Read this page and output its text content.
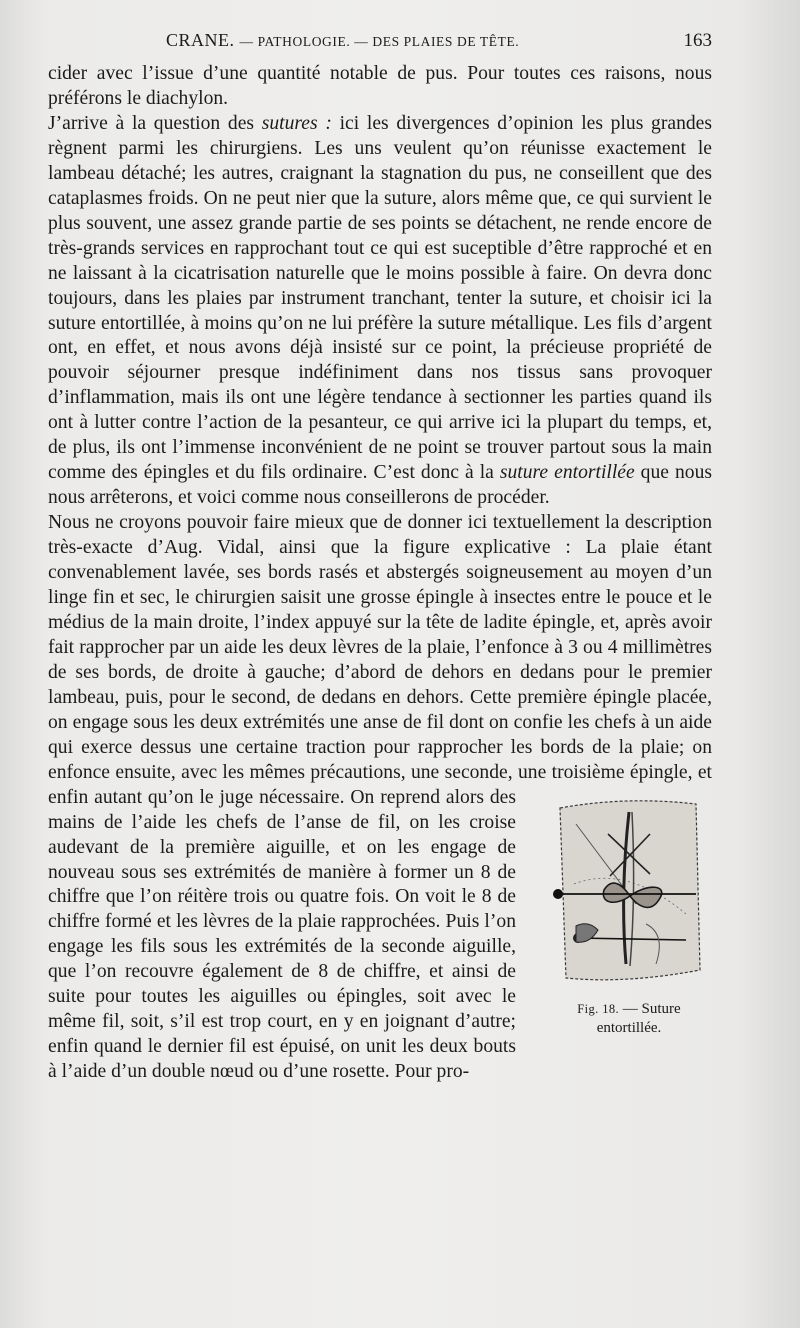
CRANE. — PATHOLOGIE. — DES PLAIES DE TÊTE.	163

cider avec l’issue d’une quantité notable de pus. Pour toutes ces raisons, nous préférons le diachylon.

J’arrive à la question des sutures : ici les divergences d’opinion les plus grandes règnent parmi les chirurgiens. Les uns veulent qu’on réunisse exactement le lambeau détaché; les autres, craignant la stagnation du pus, ne conseillent que des cataplasmes froids. On ne peut nier que la suture, alors même que, ce qui survient le plus souvent, une assez grande partie de ses points se détachent, ne rende encore de très-grands services en rapprochant tout ce qui est suceptible d’être rapproché et en ne laissant à la cicatrisation naturelle que le moins possible à faire. On devra donc toujours, dans les plaies par instrument tranchant, tenter la suture, et choisir ici la suture entortillée, à moins qu’on ne lui préfère la suture métallique. Les fils d’argent ont, en effet, et nous avons déjà insisté sur ce point, la précieuse propriété de pouvoir séjourner presque indéfiniment dans nos tissus sans provoquer d’inflammation, mais ils ont une légère tendance à sectionner les parties quand ils ont à lutter contre l’action de la pesanteur, ce qui arrive ici la plupart du temps, et, de plus, ils ont l’immense inconvénient de ne point se trouver partout sous la main comme des épingles et du fils ordinaire. C’est donc à la suture entortillée que nous nous arrêterons, et voici comme nous conseillerons de procéder.

Nous ne croyons pouvoir faire mieux que de donner ici textuellement la description très-exacte d’Aug. Vidal, ainsi que la figure explicative : La plaie étant convenablement lavée, ses bords rasés et abstergés soigneusement au moyen d’un linge fin et sec, le chirurgien saisit une grosse épingle à insectes entre le pouce et le médius de la main droite, l’index appuyé sur la tête de ladite épingle, et, après avoir fait rapprocher par un aide les deux lèvres de la plaie, l’enfonce à 3 ou 4 millimètres de ses bords, de droite à gauche; d’abord de dehors en dedans pour le premier lambeau, puis, pour le second, de dedans en dehors. Cette première épingle placée, on engage sous les deux extrémités une anse de fil dont on confie les chefs à un aide qui exerce dessus une certaine traction pour rapprocher les bords de la plaie; on enfonce ensuite, avec les mêmes précautions, une seconde, une troisième épingle, et enfin autant qu’on le juge nécessaire.
Fig. 18. — Suture entortillée.
On reprend alors des mains de l’aide les chefs de l’anse de fil, on les croise audevant de la première aiguille, et on les engage de nouveau sous ses extrémités de manière à former un 8 de chiffre que l’on réitère trois ou quatre fois. On voit le 8 de chiffre formé et les lèvres de la plaie rapprochées. Puis l’on engage les fils sous les extrémités de la seconde aiguille, que l’on recouvre également de 8 de chiffre, et ainsi de suite pour toutes les aiguilles ou épingles, soit avec le même fil, soit, s’il est trop court, en y en joignant d’autre; enfin quand le dernier fil est épuisé, on unit les deux bouts à l’aide d’un double nœud ou d’une rosette. Pour pro-
